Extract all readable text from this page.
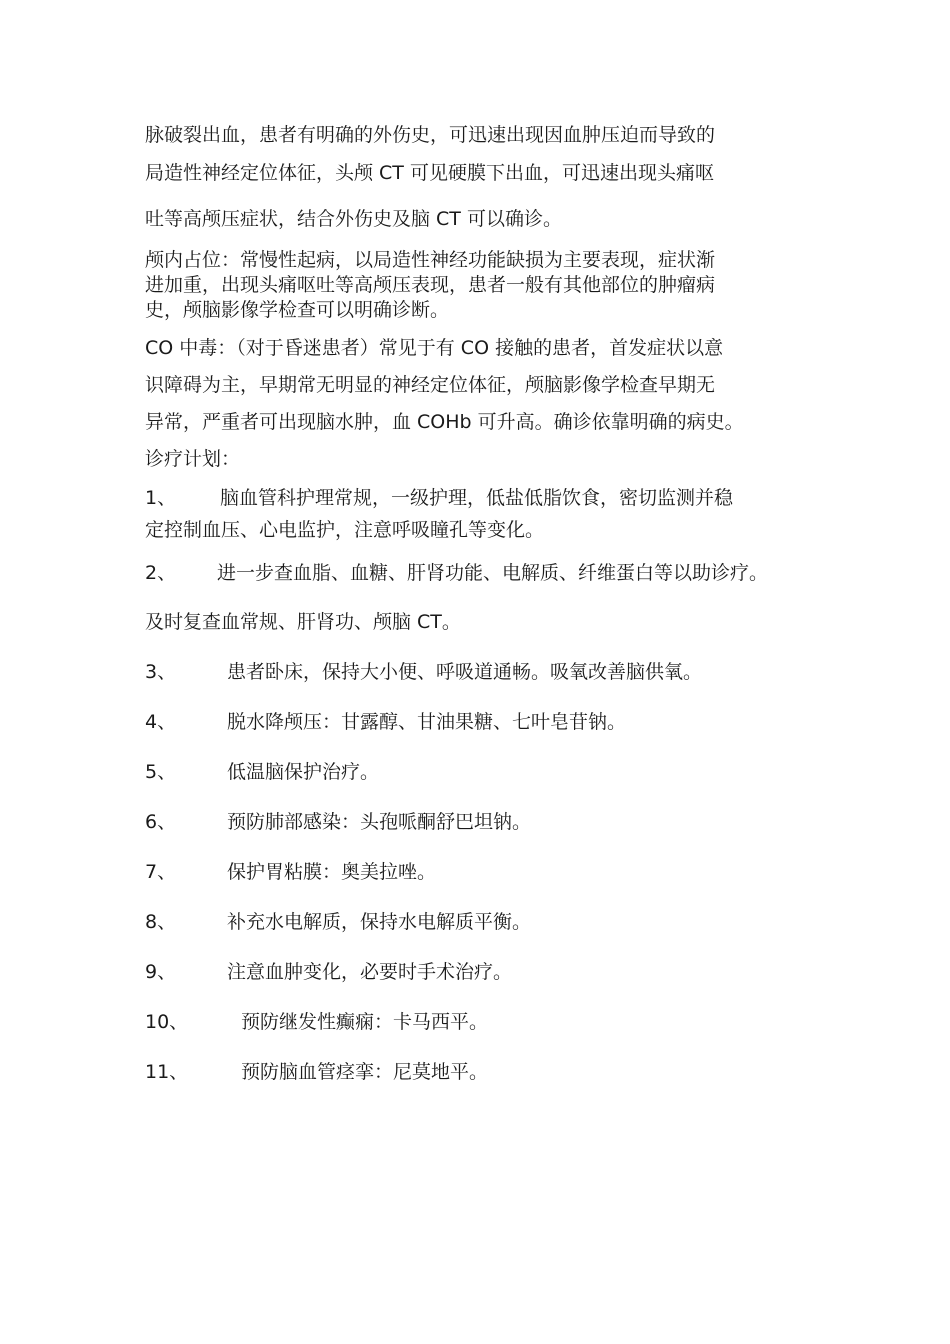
脉破裂出血，患者有明确的外伤史，可迅速出现因血肿压迫而导致的
局造性神经定位体征，头颅 CT 可见硬膜下出血，可迅速出现头痛呕
吐等高颅压症状，结合外伤史及脑 CT 可以确诊。
颅内占位：常慢性起病，以局造性神经功能缺损为主要表现，症状渐
进加重，出现头痛呕吐等高颅压表现，患者一般有其他部位的肿瘤病
史，颅脑影像学检查可以明确诊断。
CO 中毒：（对于昏迷患者）常见于有 CO 接触的患者，首发症状以意
识障碍为主，早期常无明显的神经定位体征，颅脑影像学检查早期无
异常，严重者可出现脑水肿，血 COHb 可升高。确诊依靠明确的病史。
诊疗计划：
1、 脑血管科护理常规，一级护理，低盐低脂饮食，密切监测并稳
定控制血压、心电监护，注意呼吸瞳孔等变化。
2、 进一步查血脂、血糖、肝肾功能、电解质、纤维蛋白等以助诊疗。
及时复查血常规、肝肾功、颅脑 CT。
3、	患者卧床，保持大小便、呼吸道通畅。吸氧改善脑供氧。
4、	脱水降颅压：甘露醇、甘油果糖、七叶皂苷钠。
5、	低温脑保护治疗。
6、	预防肺部感染：头孢哌酮舒巴坦钠。
7、	保护胃粘膜：奥美拉唑。
8、	补充水电解质，保持水电解质平衡。
9、	注意血肿变化，必要时手术治疗。
10、	预防继发性癫痫：卡马西平。
11、	预防脑血管痉挛：尼莫地平。
